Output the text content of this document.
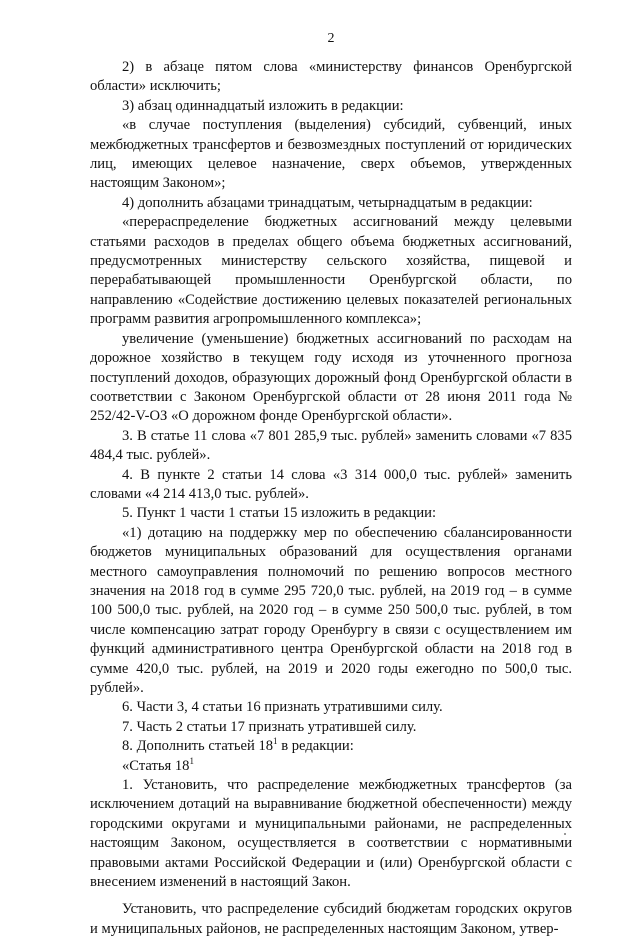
2

2) в абзаце пятом слова «министерству финансов Оренбургской области» исключить;

3) абзац одиннадцатый изложить в редакции:

«в случае поступления (выделения) субсидий, субвенций, иных межбюджетных трансфертов и безвозмездных поступлений от юридических лиц, имеющих целевое назначение, сверх объемов, утвержденных настоящим Законом»;

4) дополнить абзацами тринадцатым, четырнадцатым в редакции:

«перераспределение бюджетных ассигнований между целевыми статьями расходов в пределах общего объема бюджетных ассигнований, предусмотренных министерству сельского хозяйства, пищевой и перерабатывающей промышленности Оренбургской области, по направлению «Содействие достижению целевых показателей региональных программ развития агропромышленного комплекса»;

увеличение (уменьшение) бюджетных ассигнований по расходам на дорожное хозяйство в текущем году исходя из уточненного прогноза поступлений доходов, образующих дорожный фонд Оренбургской области в соответствии с Законом Оренбургской области от 28 июня 2011 года № 252/42-V-ОЗ «О дорожном фонде Оренбургской области».

3. В статье 11 слова «7 801 285,9 тыс. рублей» заменить словами «7 835 484,4 тыс. рублей».

4. В пункте 2 статьи 14 слова «3 314 000,0 тыс. рублей» заменить словами «4 214 413,0 тыс. рублей».

5. Пункт 1 части 1 статьи 15 изложить в редакции:

«1) дотацию на поддержку мер по обеспечению сбалансированности бюджетов муниципальных образований для осуществления органами местного самоуправления полномочий по решению вопросов местного значения на 2018 год в сумме 295 720,0 тыс. рублей, на 2019 год – в сумме 100 500,0 тыс. рублей, на 2020 год – в сумме 250 500,0 тыс. рублей, в том числе компенсацию затрат городу Оренбургу в связи с осуществлением им функций административного центра Оренбургской области на 2018 год в сумме 420,0 тыс. рублей, на 2019 и 2020 годы ежегодно по 500,0 тыс. рублей».

6. Части 3, 4 статьи 16 признать утратившими силу.

7. Часть 2 статьи 17 признать утратившей силу.

8. Дополнить статьей $18^1$ в редакции:

«Статья $18^1$

1. Установить, что распределение межбюджетных трансфертов (за исключением дотаций на выравнивание бюджетной обеспеченности) между городскими округами и муниципальными районами, не распределенных настоящим Законом, осуществляется в соответствии с нормативными правовыми актами Российской Федерации и (или) Оренбургской области с внесением изменений в настоящий Закон.

Установить, что распределение субсидий бюджетам городских округов и муниципальных районов, не распределенных настоящим Законом, утвер-
